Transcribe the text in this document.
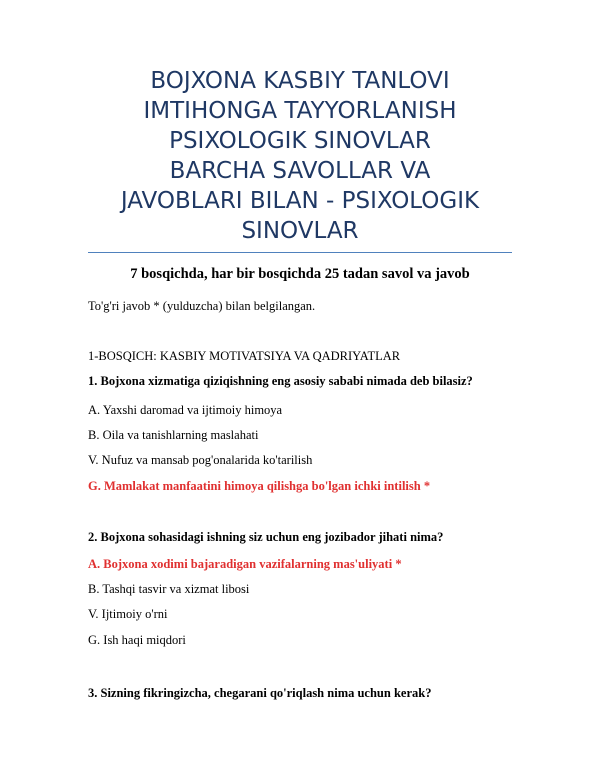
BOJXONA KASBIY TANLOVI
IMTIHONGA TAYYORLANISH
PSIXOLOGIK SINOVLAR
BARCHA SAVOLLAR VA
JAVOBLARI BILAN - PSIXOLOGIK
SINOVLAR
7 bosqichda, har bir bosqichda 25 tadan savol va javob
To'g'ri javob * (yulduzcha) bilan belgilangan.
1-BOSQICH: KASBIY MOTIVATSIYA VA QADRIYATLAR
1. Bojxona xizmatiga qiziqishning eng asosiy sababi nimada deb bilasiz?
A. Yaxshi daromad va ijtimoiy himoya
B. Oila va tanishlarning maslahati
V. Nufuz va mansab pog'onalarida ko'tarilish
G. Mamlakat manfaatini himoya qilishga bo'lgan ichki intilish *
2. Bojxona sohasidagi ishning siz uchun eng jozibador jihati nima?
A. Bojxona xodimi bajaradigan vazifalarning mas'uliyati *
B. Tashqi tasvir va xizmat libosi
V. Ijtimoiy o'rni
G. Ish haqi miqdori
3. Sizning fikringizcha, chegarani qo'riqlash nima uchun kerak?
